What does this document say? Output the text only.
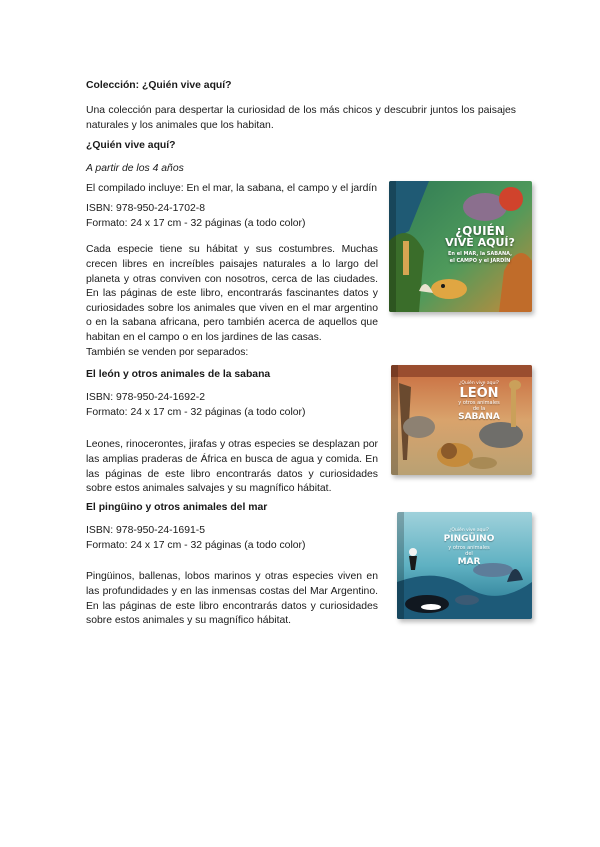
Colección: ¿Quién vive aquí?

Una colección para despertar la curiosidad de los más chicos y descubrir juntos los paisajes naturales y los animales que los habitan.

¿Quién vive aquí?

A partir de los 4 años

El compilado incluye: En el mar, la sabana, el campo y el jardín

ISBN: 978-950-24-1702-8

Formato: 24 x 17 cm - 32 páginas (a todo color)

Cada especie tiene su hábitat y sus costumbres. Muchas crecen libres en increíbles paisajes naturales a lo largo del planeta y otras conviven con nosotros, cerca de las ciudades. En las páginas de este libro, encontrarás fascinantes datos y curiosidades sobre los animales que viven en el mar argentino o en la sabana africana, pero también acerca de aquellos que habitan en el campo o en los jardines de las casas.

También se venden por separados:

El león y otros animales de la sabana

ISBN: 978-950-24-1692-2

Formato: 24 x 17 cm - 32 páginas (a todo color)

Leones, rinocerontes, jirafas y otras especies se desplazan por las amplias praderas de África en busca de agua y comida. En las páginas de este libro encontrarás datos y curiosidades sobre estos animales salvajes y su magnífico hábitat.

El pingüino y otros animales del mar

ISBN: 978-950-24-1691-5

Formato: 24 x 17 cm - 32 páginas (a todo color)

Pingüinos, ballenas, lobos marinos y otras especies viven en las profundidades y en las inmensas costas del Mar Argentino. En las páginas de este libro encontrarás datos y curiosidades sobre estos animales y su magnífico hábitat.

¿QUIÉN
VIVE AQUÍ?
En el MAR, la SABANA,
el CAMPO y el JARDÍN
¿Quién vive aquí?
LEÓN
y otros animales
de la
SABANA
¿Quién vive aquí?
PINGÜINO
y otros animales
del
MAR
